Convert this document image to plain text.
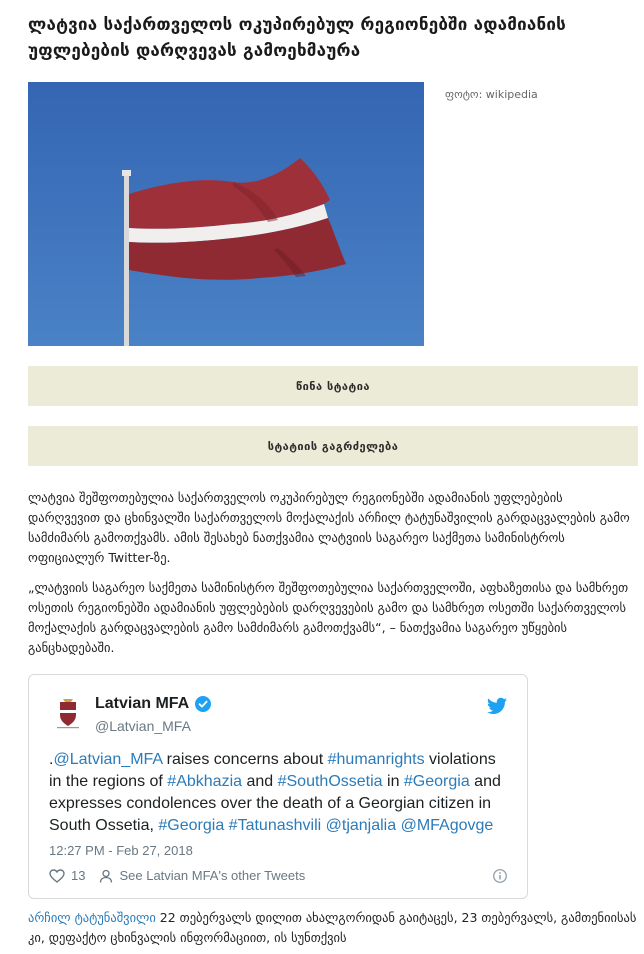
ლატვია საქართველოს ოკუპირებულ რეგიონებში ადამიანის უფლებების დარღვევას გამოეხმაურა
ფოტო: wikipedia
წინა სტატია
სტატიის გაგრძელება

ლატვია შეშფოთებულია საქართველოს ოკუპირებულ რეგიონებში ადამიანის უფლებების დარღვევით და ცხინვალში საქართველოს მოქალაქის არჩილ ტატუნაშვილის გარდაცვალების გამო სამძიმარს გამოთქვამს. ამის შესახებ ნათქვამია ლატვიის საგარეო საქმეთა სამინისტროს ოფიციალურ Twitter-ზე.

„ლატვიის საგარეო საქმეთა სამინისტრო შეშფოთებულია საქართველოში, აფხაზეთისა და სამხრეთ ოსეთის რეგიონებში ადამიანის უფლებების დარღვევების გამო და სამხრეთ ოსეთში საქართველოს მოქალაქის გარდაცვალების გამო სამძიმარს გამოთქვამს“, – ნათქვამია საგარეო უწყების განცხადებაში.

Latvian MFA
@Latvian_MFA
.@Latvian_MFA raises concerns about #humanrights violations in the regions of #Abkhazia and #SouthOssetia in #Georgia and expresses condolences over the death of a Georgian citizen in South Ossetia, #Georgia #Tatunashvili @tjanjalia @MFAgovge
12:27 PM - Feb 27, 2018
13	See Latvian MFA's other Tweets

არჩილ ტატუნაშვილი 22 თებერვალს დილით ახალგორიდან გაიტაცეს, 23 თებერვალს, გამთენიისას კი, დეფაქტო ცხინვალის ინფორმაციით, ის სუნთქვის
